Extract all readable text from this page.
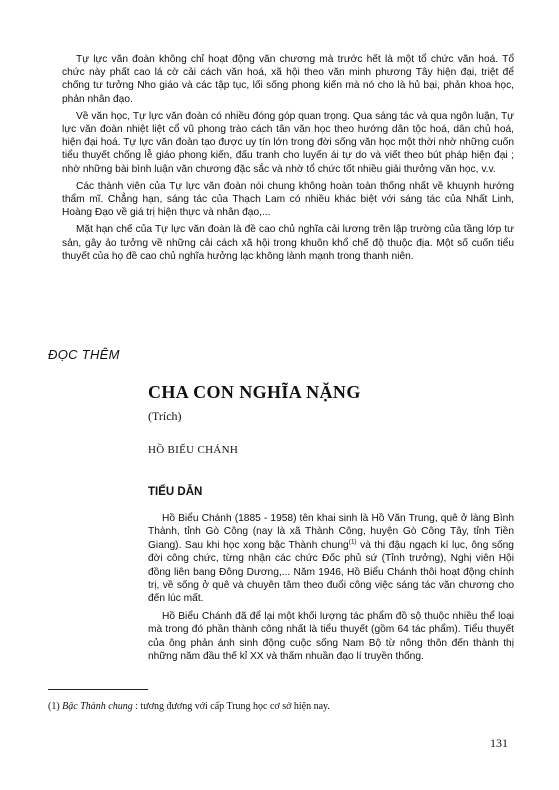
Tự lực văn đoàn không chỉ hoạt động văn chương mà trước hết là một tổ chức văn hoá. Tổ chức này phất cao lá cờ cải cách văn hoá, xã hội theo văn minh phương Tây hiện đại, triệt để chống tư tưởng Nho giáo và các tập tục, lối sống phong kiến mà nó cho là hủ bại, phản khoa học, phản nhân đạo.

Về văn học, Tự lực văn đoàn có nhiều đóng góp quan trọng. Qua sáng tác và qua ngôn luận, Tự lực văn đoàn nhiệt liệt cổ vũ phong trào cách tân văn học theo hướng dân tộc hoá, dân chủ hoá, hiện đại hoá. Tự lực văn đoàn tạo được uy tín lớn trong đời sống văn học một thời nhờ những cuốn tiểu thuyết chống lễ giáo phong kiến, đấu tranh cho luyến ái tự do và viết theo bút pháp hiện đại ; nhờ những bài bình luận văn chương đặc sắc và nhờ tổ chức tốt nhiều giải thưởng văn học, v.v.

Các thành viên của Tự lực văn đoàn nói chung không hoàn toàn thống nhất về khuynh hướng thẩm mĩ. Chẳng hạn, sáng tác của Thạch Lam có nhiều khác biệt với sáng tác của Nhất Linh, Hoàng Đạo về giá trị hiện thực và nhân đạo,...

Mặt hạn chế của Tự lực văn đoàn là đề cao chủ nghĩa cải lương trên lập trường của tầng lớp tư sản, gây ảo tưởng về những cải cách xã hội trong khuôn khổ chế độ thuộc địa. Một số cuốn tiểu thuyết của họ đề cao chủ nghĩa hưởng lạc không lành mạnh trong thanh niên.

ĐỌC THÊM
CHA CON NGHĨA NẶNG
(Trích)
HỒ BIỂU CHÁNH
TIỂU DẪN

Hồ Biểu Chánh (1885 - 1958) tên khai sinh là Hồ Văn Trung, quê ở làng Bình Thành, tỉnh Gò Công (nay là xã Thành Công, huyện Gò Công Tây, tỉnh Tiền Giang). Sau khi học xong bậc Thành chung$^{(1)}$ và thi đậu ngạch kí lục, ông sống đời công chức, từng nhận các chức Đốc phủ sứ (Tỉnh trưởng), Nghị viên Hội đồng liên bang Đông Dương,... Năm 1946, Hồ Biểu Chánh thôi hoạt động chính trị, về sống ở quê và chuyên tâm theo đuổi công việc sáng tác văn chương cho đến lúc mất.

Hồ Biểu Chánh đã để lại một khối lượng tác phẩm đồ sộ thuộc nhiều thể loại mà trong đó phần thành công nhất là tiểu thuyết (gồm 64 tác phẩm). Tiểu thuyết của ông phản ánh sinh động cuộc sống Nam Bộ từ nông thôn đến thành thị những năm đầu thế kỉ XX và thấm nhuần đạo lí truyền thống.

(1) Bậc Thành chung : tương đương với cấp Trung học cơ sở hiện nay.
131
